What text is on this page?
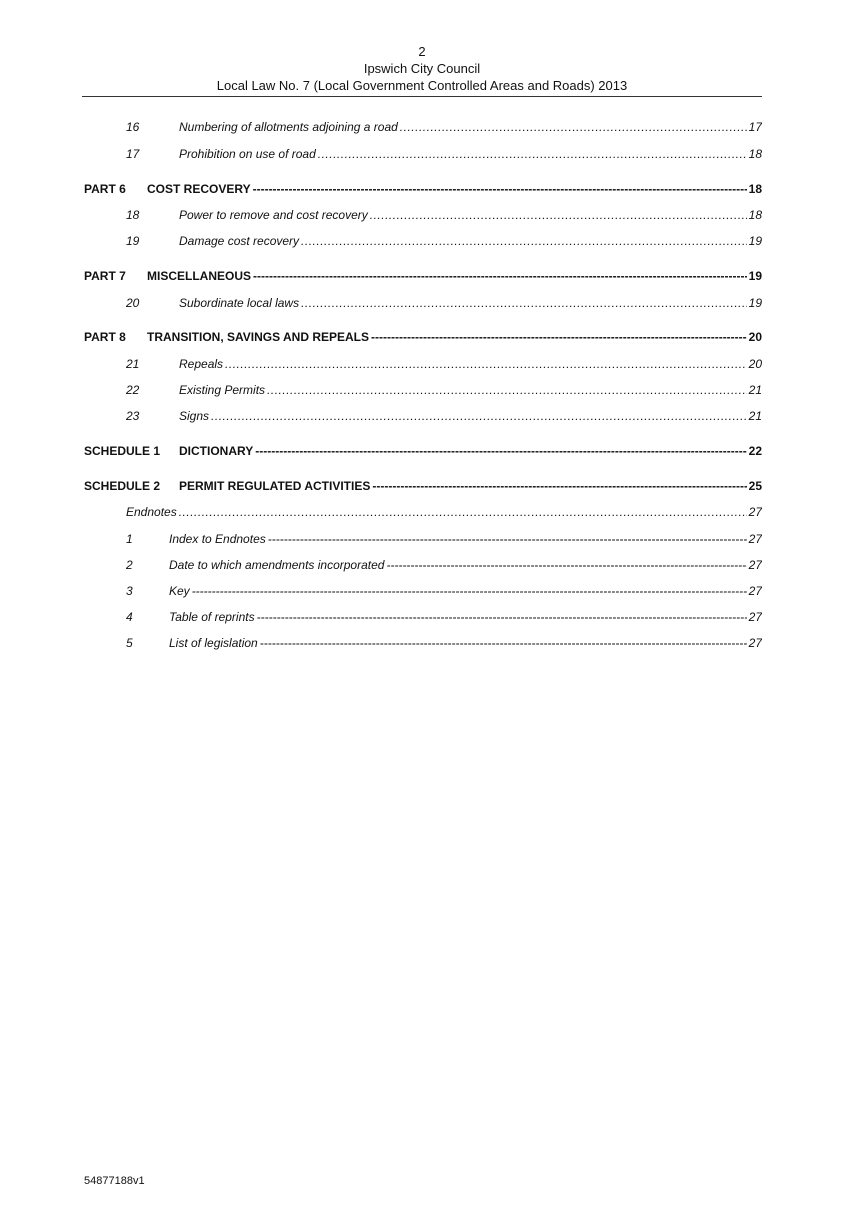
2
Ipswich City Council
Local Law No. 7 (Local Government Controlled Areas and Roads) 2013
16	Numbering of allotments adjoining a road .....	17
17	Prohibition on use of road .....	18
PART 6 COST RECOVERY -----	18
18	Power to remove and cost recovery .....	18
19	Damage cost recovery .....	19
PART 7 MISCELLANEOUS -----	19
20	Subordinate local laws .....	19
PART 8 TRANSITION, SAVINGS AND REPEALS -----	20
21	Repeals .....	20
22	Existing Permits .....	21
23	Signs .....	21
SCHEDULE 1 DICTIONARY -----	22
SCHEDULE 2 PERMIT REGULATED ACTIVITIES -----	25
Endnotes .....	27
1	Index to Endnotes -----	27
2	Date to which amendments incorporated -----	27
3	Key -----	27
4	Table of reprints -----	27
5	List of legislation -----	27
54877188v1
